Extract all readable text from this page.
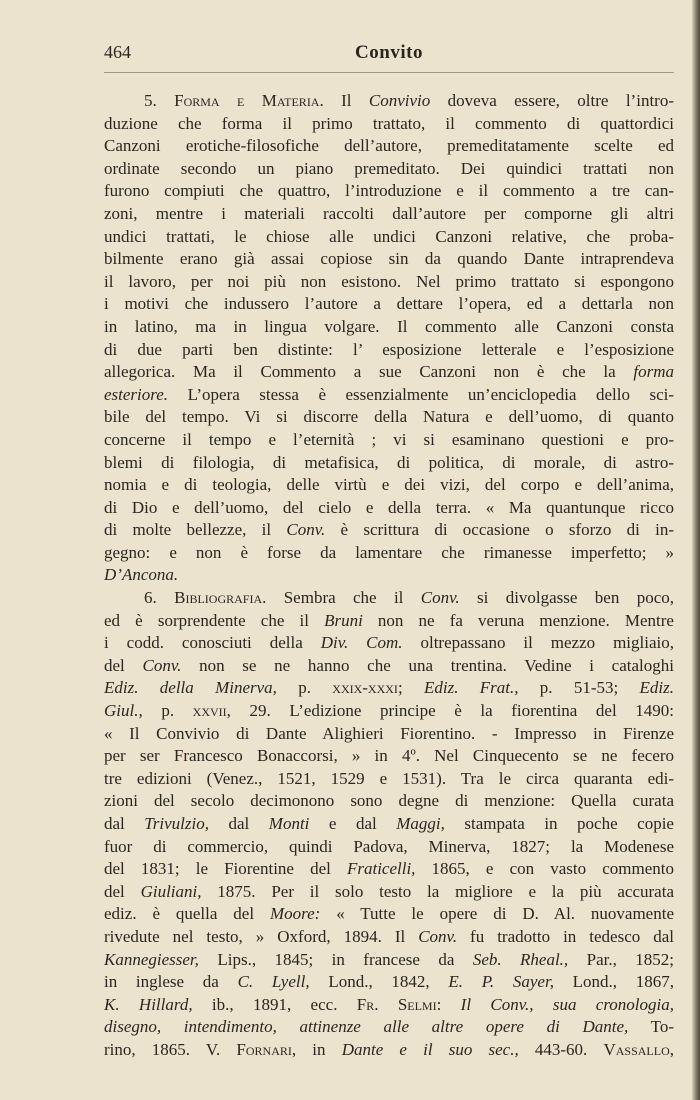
464	Convito
5. Forma e Materia. Il Convivio doveva essere, oltre l’intro-
duzione che forma il primo trattato, il commento di quattordici
Canzoni erotiche-filosofiche dell’autore, premeditatamente scelte ed
ordinate secondo un piano premeditato. Dei quindici trattati non
furono compiuti che quattro, l’introduzione e il commento a tre can-
zoni, mentre i materiali raccolti dall’autore per comporne gli altri
undici trattati, le chiose alle undici Canzoni relative, che proba-
bilmente erano già assai copiose sin da quando Dante intraprendeva
il lavoro, per noi più non esistono. Nel primo trattato si espongono
i motivi che indussero l’autore a dettare l’opera, ed a dettarla non
in latino, ma in lingua volgare. Il commento alle Canzoni consta
di due parti ben distinte: l’ esposizione letterale e l’esposizione
allegorica. Ma il Commento a sue Canzoni non è che la forma
esteriore. L’opera stessa è essenzialmente un’enciclopedia dello sci-
bile del tempo. Vi si discorre della Natura e dell’uomo, di quanto
concerne il tempo e l’eternità ; vi si esaminano questioni e pro-
blemi di filologia, di metafisica, di politica, di morale, di astro-
nomia e di teologia, delle virtù e dei vizi, del corpo e dell’anima,
di Dio e dell’uomo, del cielo e della terra. « Ma quantunque ricco
di molte bellezze, il Conv. è scrittura di occasione o sforzo di in-
gegno: e non è forse da lamentare che rimanesse imperfetto; »
D’Ancona.
6. Bibliografia. Sembra che il Conv. si divolgasse ben poco,
ed è sorprendente che il Bruni non ne fa veruna menzione. Mentre
i codd. conosciuti della Div. Com. oltrepassano il mezzo migliaio,
del Conv. non se ne hanno che una trentina. Vedine i cataloghi
Ediz. della Minerva, p. xxix-xxxi; Ediz. Frat., p. 51-53; Ediz.
Giul., p. xxvii, 29. L’edizione principe è la fiorentina del 1490:
« Il Convivio di Dante Alighieri Fiorentino. - Impresso in Firenze
per ser Francesco Bonaccorsi, » in 4º. Nel Cinquecento se ne fecero
tre edizioni (Venez., 1521, 1529 e 1531). Tra le circa quaranta edi-
zioni del secolo decimonono sono degne di menzione: Quella curata
dal Trivulzio, dal Monti e dal Maggi, stampata in poche copie
fuor di commercio, quindi Padova, Minerva, 1827; la Modenese
del 1831; le Fiorentine del Fraticelli, 1865, e con vasto commento
del Giuliani, 1875. Per il solo testo la migliore e la più accurata
ediz. è quella del Moore: « Tutte le opere di D. Al. nuovamente
rivedute nel testo, » Oxford, 1894. Il Conv. fu tradotto in tedesco dal
Kannegiesser, Lips., 1845; in francese da Seb. Rheal., Par., 1852;
in inglese da C. Lyell, Lond., 1842, E. P. Sayer, Lond., 1867,
K. Hillard, ib., 1891, ecc. Fr. Selmi: Il Conv., sua cronologia,
disegno, intendimento, attinenze alle altre opere di Dante, To-
rino, 1865. V. Fornari, in Dante e il suo sec., 443-60. Vassallo,
